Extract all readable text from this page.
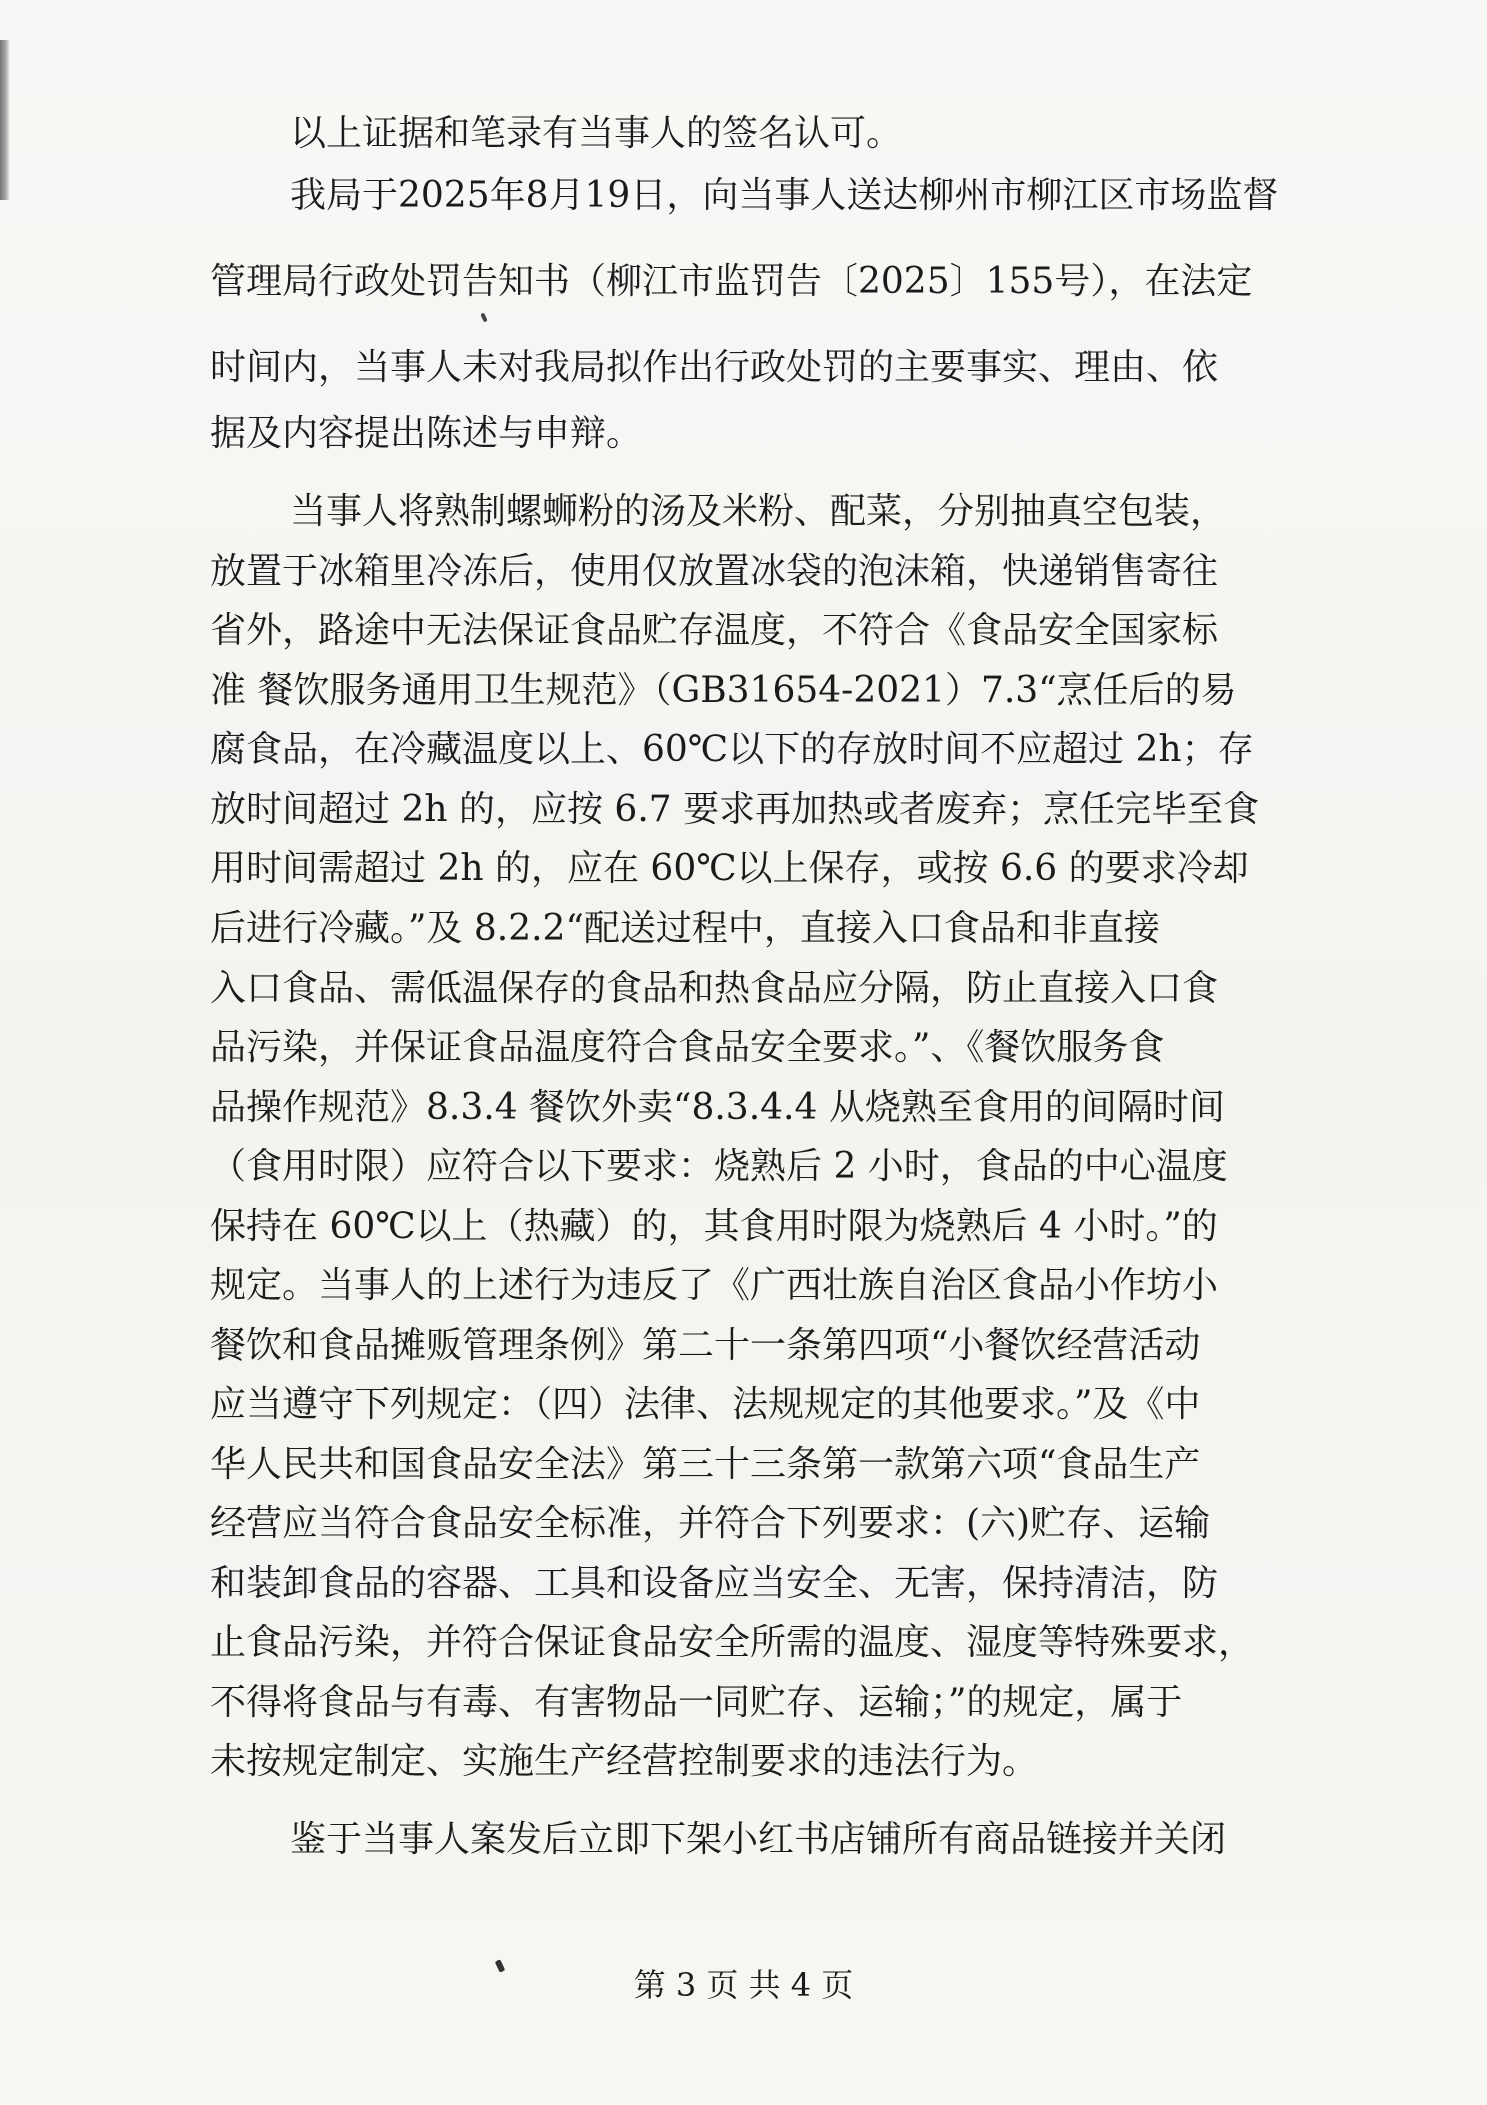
以上证据和笔录有当事人的签名认可。
我局于2025年8月19日，向当事人送达柳州市柳江区市场监督
管理局行政处罚告知书（柳江市监罚告〔2025〕155号），在法定
时间内，当事人未对我局拟作出行政处罚的主要事实、理由、依
据及内容提出陈述与申辩。
当事人将熟制螺蛳粉的汤及米粉、配菜，分别抽真空包装，
放置于冰箱里冷冻后，使用仅放置冰袋的泡沫箱，快递销售寄往
省外，路途中无法保证食品贮存温度，不符合《食品安全国家标
准 餐饮服务通用卫生规范》（GB31654-2021）7.3“烹任后的易
腐食品，在冷藏温度以上、60℃以下的存放时间不应超过 2h；存
放时间超过 2h 的，应按 6.7 要求再加热或者废弃；烹任完毕至食
用时间需超过 2h 的，应在 60℃以上保存，或按 6.6 的要求冷却
后进行冷藏。”及 8.2.2“配送过程中，直接入口食品和非直接
入口食品、需低温保存的食品和热食品应分隔，防止直接入口食
品污染，并保证食品温度符合食品安全要求。”、《餐饮服务食
品操作规范》8.3.4 餐饮外卖“8.3.4.4 从烧熟至食用的间隔时间
（食用时限）应符合以下要求：烧熟后 2 小时，食品的中心温度
保持在 60℃以上（热藏）的，其食用时限为烧熟后 4 小时。”的
规定。当事人的上述行为违反了《广西壮族自治区食品小作坊小
餐饮和食品摊贩管理条例》第二十一条第四项“小餐饮经营活动
应当遵守下列规定：（四）法律、法规规定的其他要求。”及《中
华人民共和国食品安全法》第三十三条第一款第六项“食品生产
经营应当符合食品安全标准，并符合下列要求：(六)贮存、运输
和装卸食品的容器、工具和设备应当安全、无害，保持清洁，防
止食品污染，并符合保证食品安全所需的温度、湿度等特殊要求，
不得将食品与有毒、有害物品一同贮存、运输；”的规定，属于
未按规定制定、实施生产经营控制要求的违法行为。
鉴于当事人案发后立即下架小红书店铺所有商品链接并关闭
第 3 页 共 4 页
